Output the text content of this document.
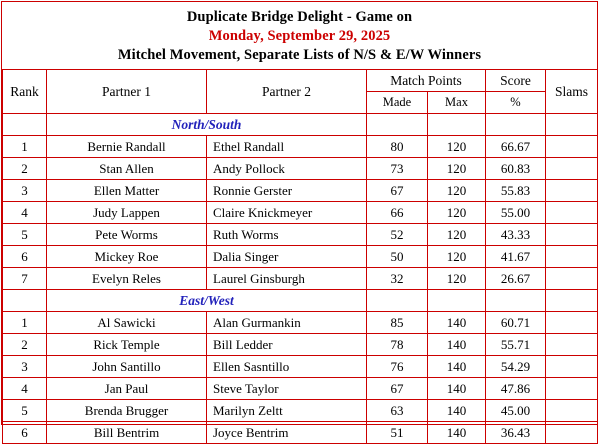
Duplicate Bridge Delight - Game on
Monday, September 29, 2025
Mitchel Movement, Separate Lists of N/S & E/W Winners
Rank	Partner 1	Partner 2	Match Points		Score	Slams
			Made	Max	%	
	North/South					
1	Bernie Randall	Ethel Randall	80	120	66.67	
2	Stan Allen	Andy Pollock	73	120	60.83	
3	Ellen Matter	Ronnie Gerster	67	120	55.83	
4	Judy Lappen	Claire Knickmeyer	66	120	55.00	
5	Pete Worms	Ruth Worms	52	120	43.33	
6	Mickey Roe	Dalia Singer	50	120	41.67	
7	Evelyn Reles	Laurel Ginsburgh	32	120	26.67	
	East/West					
1	Al Sawicki	Alan Gurmankin	85	140	60.71	
2	Rick Temple	Bill Ledder	78	140	55.71	
3	John Santillo	Ellen Sasntillo	76	140	54.29	
4	Jan Paul	Steve Taylor	67	140	47.86	
5	Brenda Brugger	Marilyn Zeltt	63	140	45.00	
6	Bill Bentrim	Joyce Bentrim	51	140	36.43	
